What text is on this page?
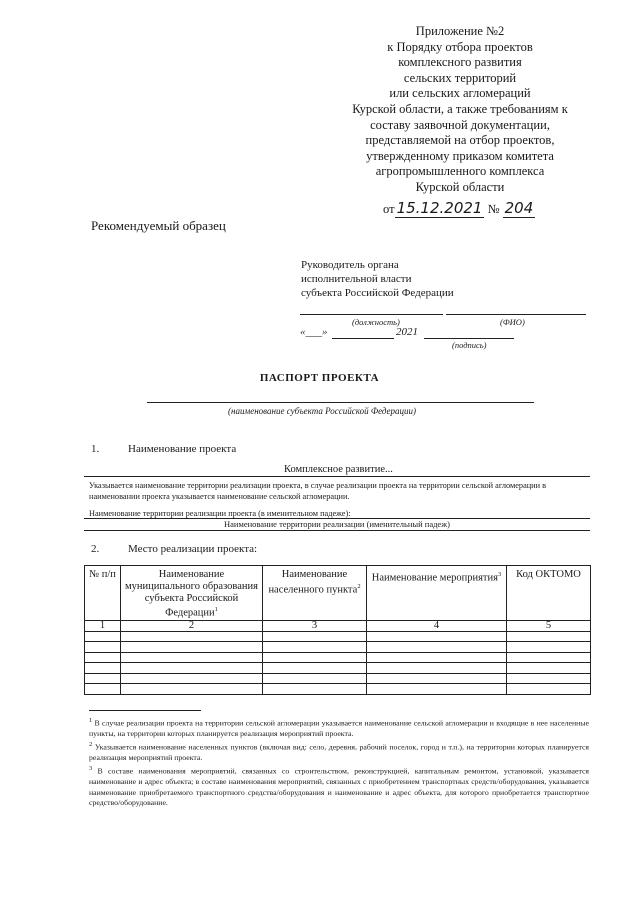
Приложение №2
к Порядку отбора проектов
комплексного развития
сельских территорий
или сельских агломераций
Курской области, а также требованиям к
составу заявочной документации,
представляемой на отбор проектов,
утвержденному приказом комитета
агропромышленного комплекса
Курской области
от 15.12.2021 № 204
Рекомендуемый образец
Руководитель органа
исполнительной власти
субъекта Российской Федерации
(должность)	(ФИО)
«___»	2021
(подпись)
ПАСПОРТ ПРОЕКТА
(наименование субъекта Российской Федерации)
1.	Наименование проекта
Комплексное развитие...
Указывается наименование территории реализации проекта, в случае реализации проекта на территории сельской агломерации в наименовании проекта указывается наименование сельской агломерации.
Наименование территории реализации проекта (в именительном падеже):
Наименование территории реализации (именительный падеж)
2.	Место реализации проекта:
№ п/п	Наименование муниципального образования субъекта Российской Федерации$^1$	Наименование населенного пункта$^2$	Наименование мероприятия$^3$	Код ОКТОМО
1	2	3	4	5

$^1$ В случае реализации проекта на территории сельской агломерации указывается наименование сельской агломерации и входящие в нее населенные пункты, на территории которых планируется реализация мероприятий проекта.
$^2$ Указывается наименование населенных пунктов (включая вид: село, деревня, рабочий поселок, город и т.п.), на территории которых планируется реализация мероприятий проекта.
$^3$ В составе наименования мероприятий, связанных со строительством, реконструкцией, капитальным ремонтом, установкой, указывается наименование и адрес объекта; в составе наименования мероприятий, связанных с приобретением транспортных средств/оборудования, указывается наименование приобретаемого транспортного средства/оборудования и наименование и адрес объекта, для которого приобретается транспортное средство/оборудование.
